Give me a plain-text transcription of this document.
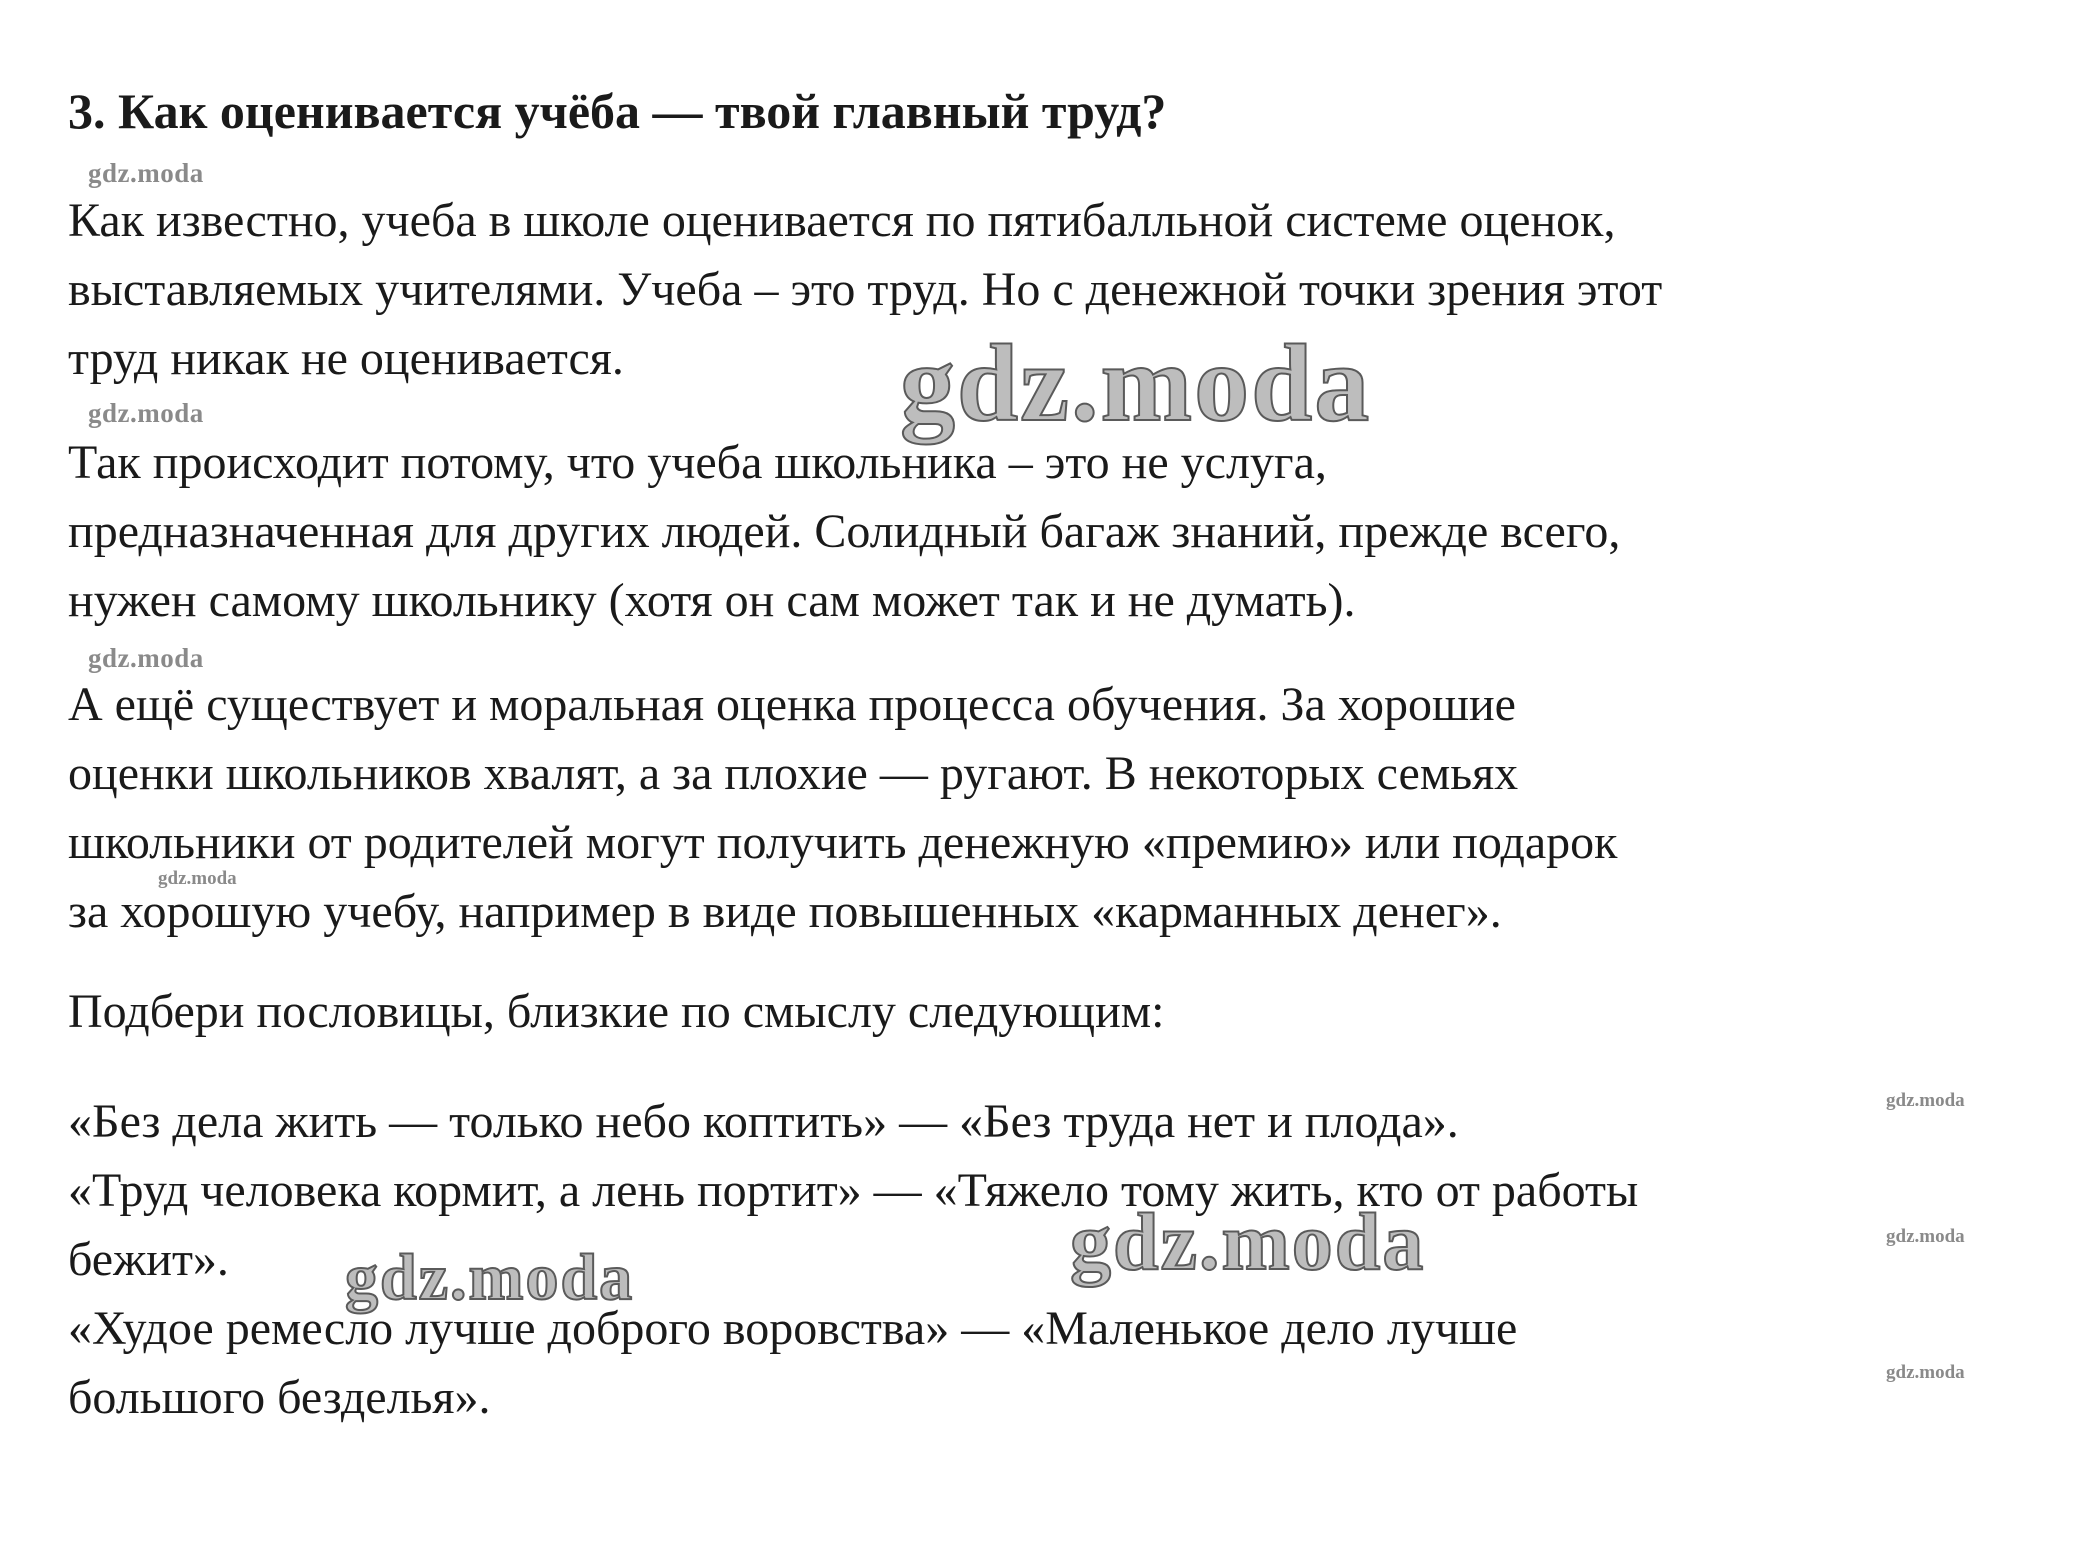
3. Как оценивается учёба — твой главный труд?
Как известно, учеба в школе оценивается по пятибалльной системе оценок,
выставляемых учителями. Учеба – это труд. Но с денежной точки зрения этот
труд никак не оценивается.
Так происходит потому, что учеба школьника – это не услуга,
предназначенная для других людей. Солидный багаж знаний, прежде всего,
нужен самому школьнику (хотя он сам может так и не думать).
А ещё существует и моральная оценка процесса обучения. За хорошие
оценки школьников хвалят, а за плохие — ругают. В некоторых семьях
школьники от родителей могут получить денежную «премию» или подарок
за хорошую учебу, например в виде повышенных «карманных денег».
Подбери пословицы, близкие по смыслу следующим:
«Без дела жить — только небо коптить» — «Без труда нет и плода».
«Труд человека кормит, а лень портит» — «Тяжело тому жить, кто от работы
бежит».
«Худое ремесло лучше доброго воровства» — «Маленькое дело лучше
большого безделья».
gdz.moda
gdz.moda
gdz.moda
gdz.moda
gdz.moda
gdz.moda
gdz.moda
gdz.moda
gdz.moda
gdz.moda
